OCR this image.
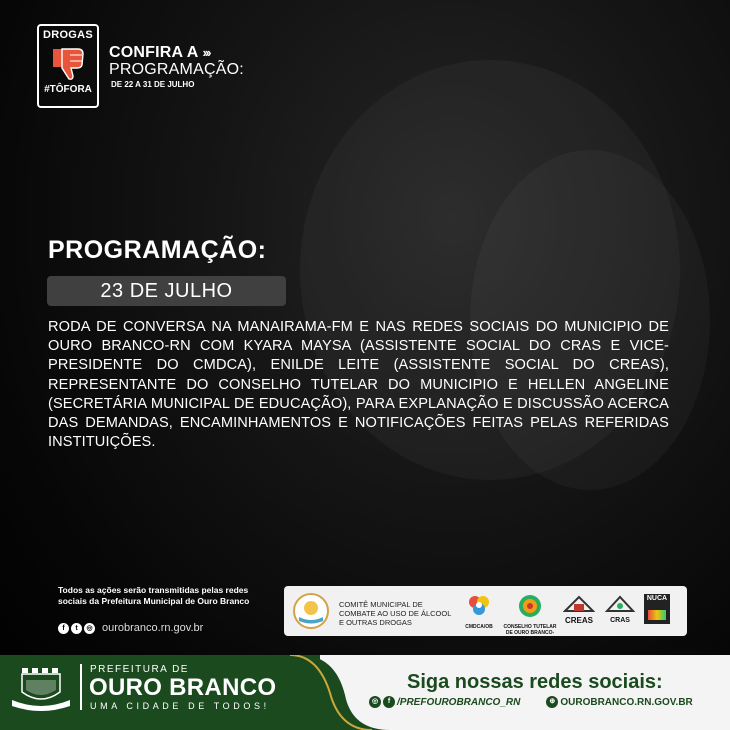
DROGAS
#TÔFORA
CONFIRA A ›››
PROGRAMAÇÃO:
DE 22 A 31 DE JULHO
PROGRAMAÇÃO:
23 DE JULHO
RODA DE CONVERSA NA MANAIRAMA-FM E NAS REDES SOCIAIS DO MUNICIPIO DE OURO BRANCO-RN COM KYARA MAYSA (ASSISTENTE SOCIAL DO CRAS E VICE-PRESIDENTE DO CMDCA), ENILDE LEITE (ASSISTENTE SOCIAL DO CREAS), REPRESENTANTE DO CONSELHO TUTELAR DO MUNICIPIO E HELLEN ANGELINE (SECRETÁRIA MUNICIPAL DE EDUCAÇÃO), PARA EXPLANAÇÃO E DISCUSSÃO ACERCA DAS DEMANDAS, ENCAMINHAMENTOS E NOTIFICAÇÕES FEITAS PELAS REFERIDAS INSTITUIÇÕES.
Todos as ações serão transmitidas pelas redes sociais da Prefeitura Municipal de Ouro Branco
f	t	◎ ourobranco.rn.gov.br
COMITÊ MUNICIPAL DE COMBATE AO USO DE ÁLCOOL E OUTRAS DROGAS	CMDCA/OB	CONSELHO TUTELAR DE OURO BRANCO-RN
CREAS	CRAS
NUCA
PREFEITURA DE
OURO BRANCO
UMA CIDADE DE TODOS!
Siga nossas redes sociais:
◎	f /PREFOUROBRANCO_RN	⊕ OUROBRANCO.RN.GOV.BR
